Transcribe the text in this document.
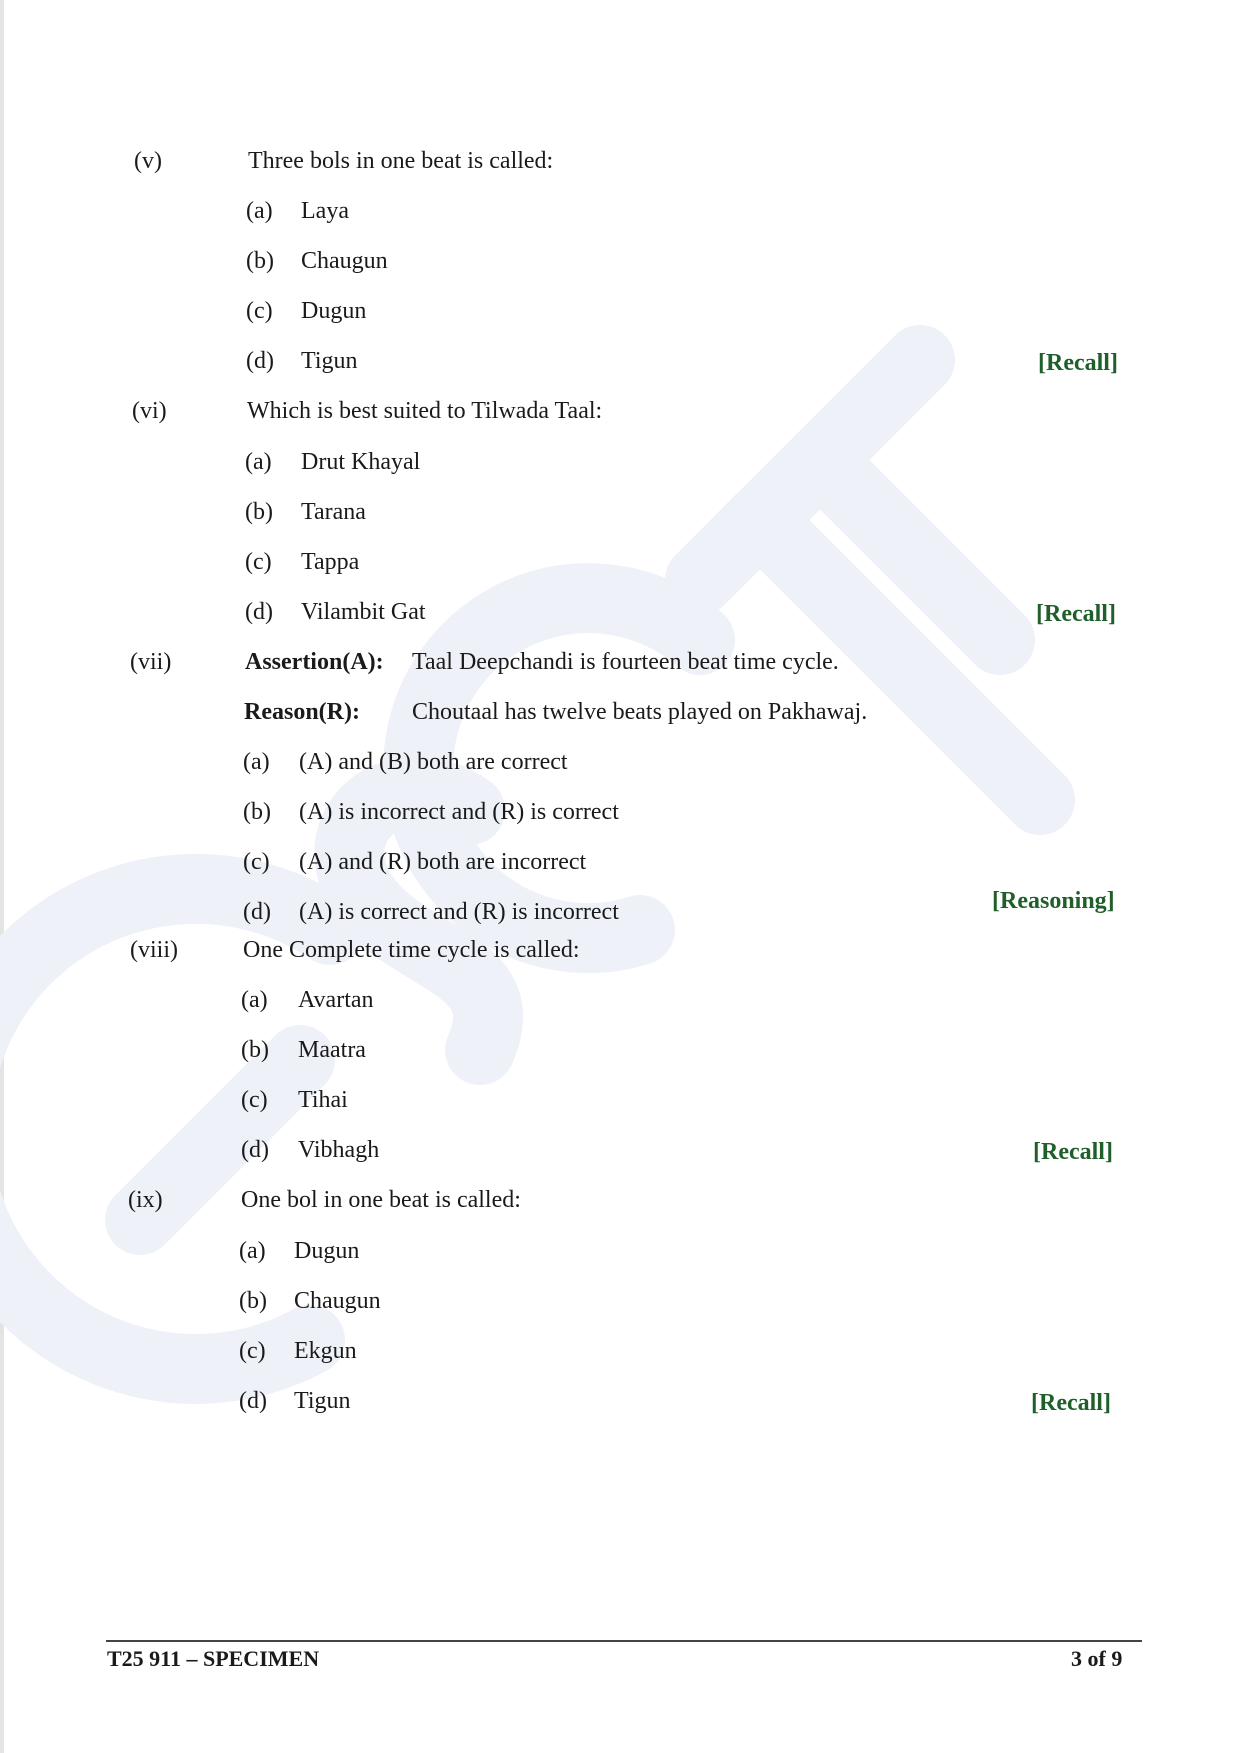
(v)	Three bols in one beat is called:
(a) Laya
(b) Chaugun
(c) Dugun
(d) Tigun	[Recall]
(vi)	Which is best suited to Tilwada Taal:
(a) Drut Khayal
(b) Tarana
(c) Tappa
(d) Vilambit Gat	[Recall]
(vii)	Assertion(A): Taal Deepchandi is fourteen beat time cycle.
Reason(R): Choutaal has twelve beats played on Pakhawaj.
(a) (A) and (B) both are correct
(b) (A) is incorrect and (R) is correct
(c) (A) and (R) both are incorrect
(d) (A) is correct and (R) is incorrect	[Reasoning]
(viii)	One Complete time cycle is called:
(a) Avartan
(b) Maatra
(c) Tihai
(d) Vibhagh	[Recall]
(ix)	One bol in one beat is called:
(a) Dugun
(b) Chaugun
(c) Ekgun
(d) Tigun	[Recall]
T25 911 – SPECIMEN	3 of 9
